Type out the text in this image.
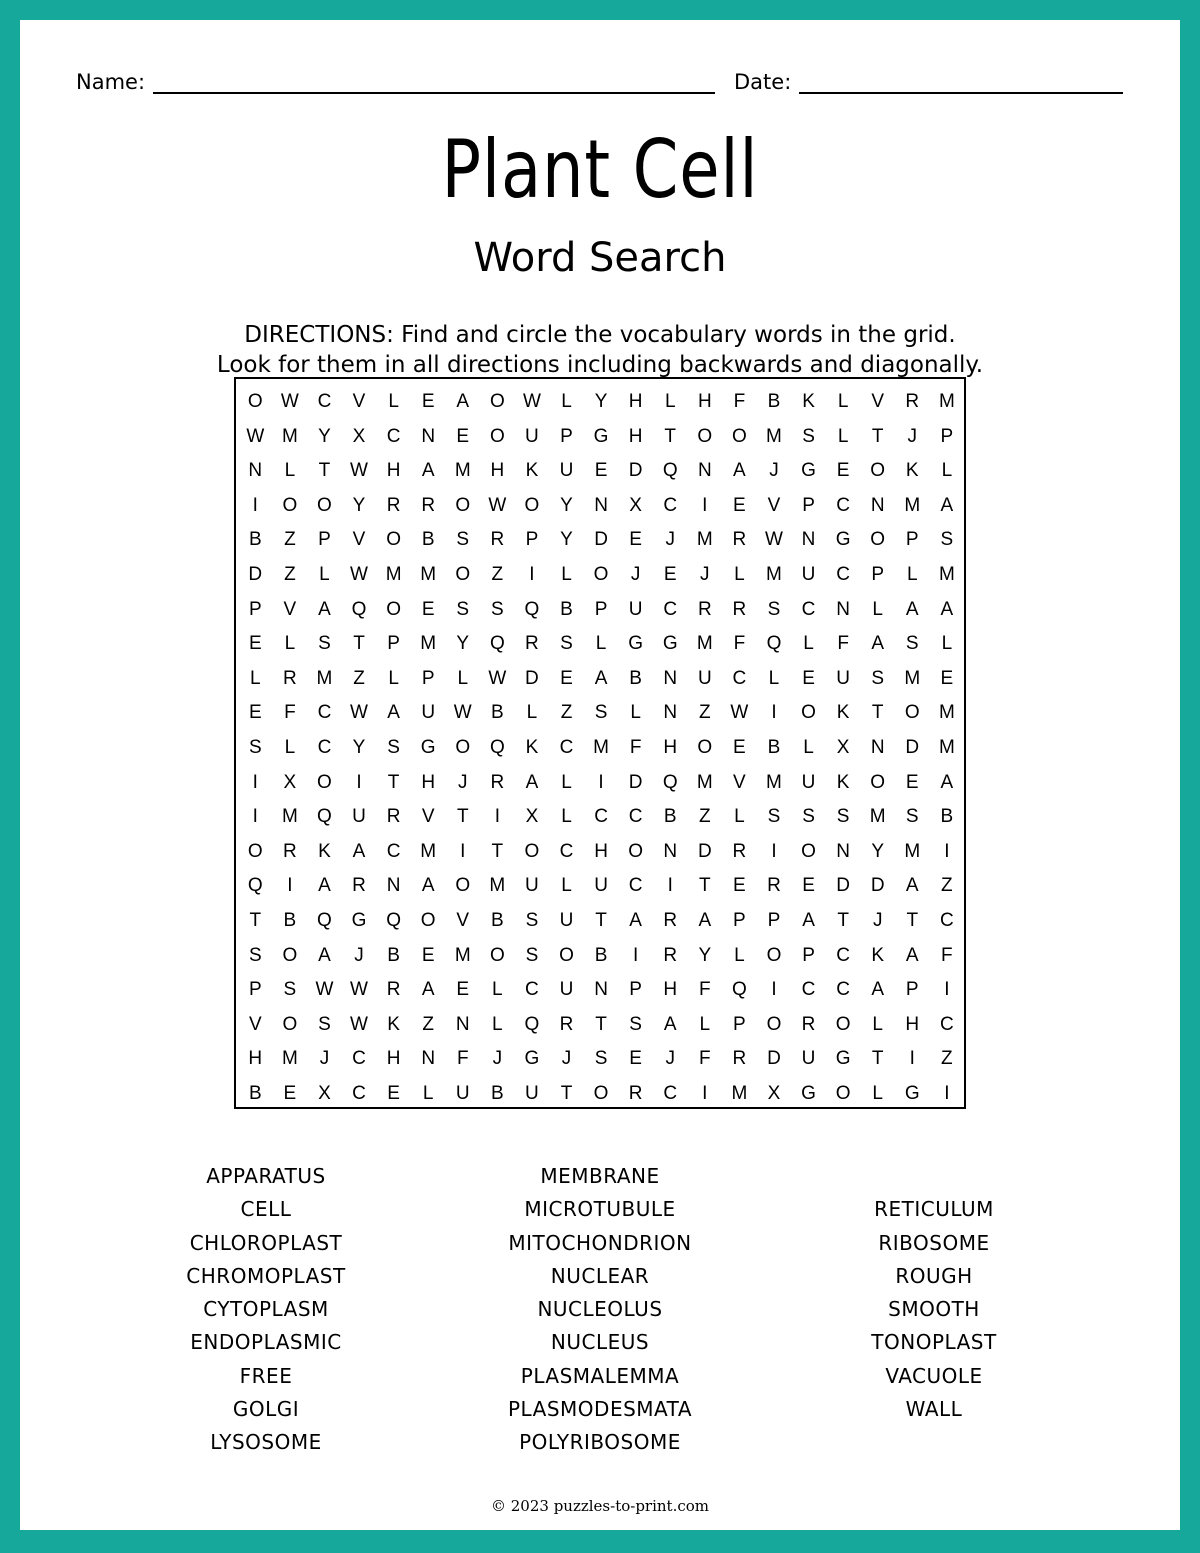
Name:	Date:
Plant Cell
Word Search
DIRECTIONS: Find and circle the vocabulary words in the grid.
Look for them in all directions including backwards and diagonally.
O W C	V	L	E	A	O W	L	Y	H	L	H	F	B	K	L	V	R	M
W M	Y	X	C	N	E	O	U	P	G	H	T	O	O	M	S	L	T	J	P
N	L	T	W H	A	M	H	K	U	E	D	Q	N	A	J	G	E	O	K	L
I	O	O	Y	R	R	O W O	Y	N	X	C	I	E	V	P	C	N	M	A
B	Z	P	V	O	B	S	R	P	Y	D	E	J	M	R W N	G	O	P	S
D	Z	L	W M M	O	Z	I	L	O	J	E	J	L	M	U	C	P	L	M
P	V	A	Q	O	E	S	S	Q	B	P	U	C	R	R	S	C	N	L	A	A
E	L	S	T	P	M	Y	Q	R	S	L	G	G	M	F	Q	L	F	A	S	L
L	R	M	Z	L	P	L	W D	E	A	B	N	U	C	L	E	U	S	M	E
E	F	C W	A	U W	B	L	Z	S	L	N	Z	W	I	O	K	T	O	M
S	L	C	Y	S	G	O	Q	K	C	M	F	H	O	E	B	L	X	N	D	M
I	X	O	I	T	H	J	R	A	L	I	D	Q	M	V	M	U	K	O	E	A
I	M	Q	U	R	V	T	I	X	L	C	C	B	Z	L	S	S	S	M	S	B
O	R	K	A	C	M	I	T	O	C	H	O	N	D	R	I	O	N	Y	M	I
Q	I	A	R	N	A	O	M	U	L	U	C	I	T	E	R	E	D	D	A	Z
T	B	Q	G	Q	O	V	B	S	U	T	A	R	A	P	P	A	T	J	T	C
S	O	A	J	B	E	M	O	S	O	B	I	R	Y	L	O	P	C	K	A	F
P	S	W W R	A	E	L	C	U	N	P	H	F	Q	I	C	C	A	P	I
V	O	S	W	K	Z	N	L	Q	R	T	S	A	L	P	O	R	O	L	H	C
H	M	J	C	H	N	F	J	G	J	S	E	J	F	R	D	U	G	T	I	Z
B	E	X	C	E	L	U	B	U	T	O	R	C	I	M	X	G	O	L	G	I
APPARATUS
CELL
CHLOROPLAST
CHROMOPLAST
CYTOPLASM
ENDOPLASMIC
FREE
GOLGI
LYSOSOME
MEMBRANE
MICROTUBULE
MITOCHONDRION
NUCLEAR
NUCLEOLUS
NUCLEUS
PLASMALEMMA
PLASMODESMATA
POLYRIBOSOME
RETICULUM
RIBOSOME
ROUGH
SMOOTH
TONOPLAST
VACUOLE
WALL
© 2023 puzzles-to-print.com
